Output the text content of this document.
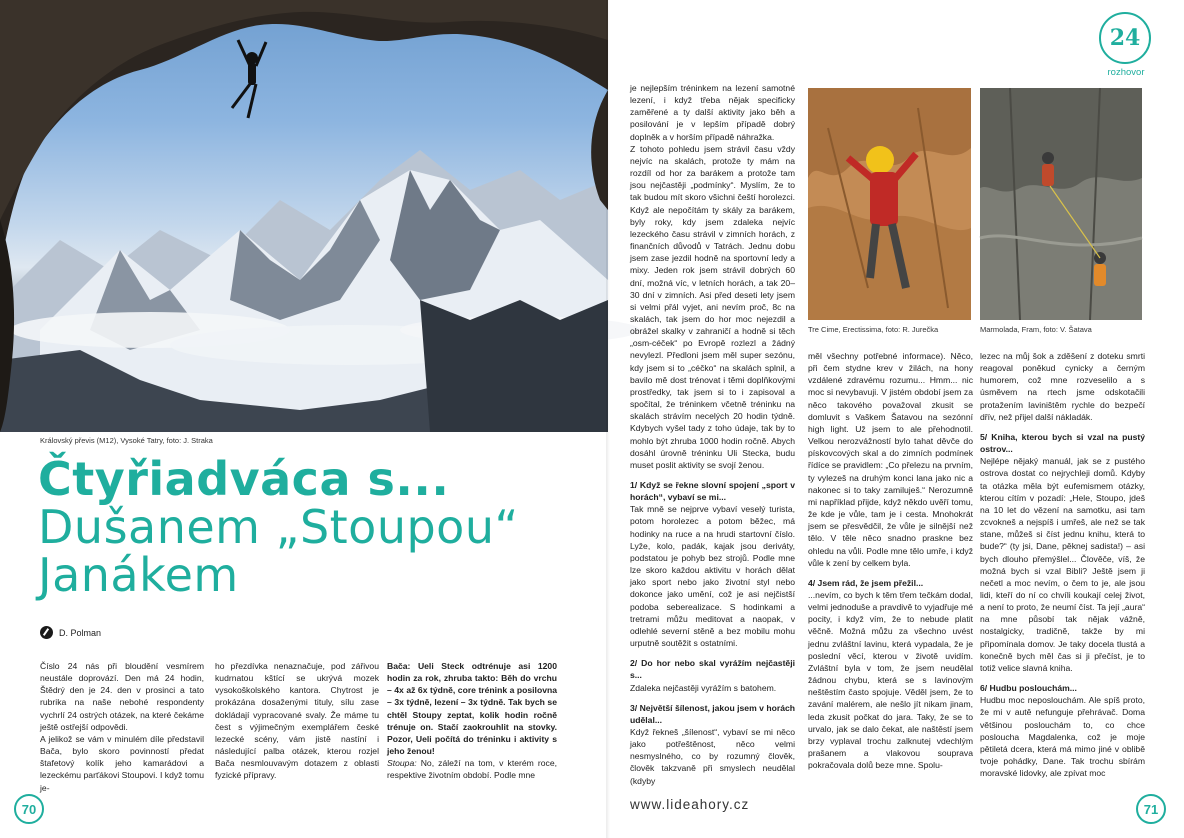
Královský převis (M12), Vysoké Tatry, foto: J. Straka
Čtyřiadváca s...
Dušanem „Stoupou“
Janákem
D. Polman

Číslo 24 nás při bloudění vesmírem neustále doprovází. Den má 24 hodin, Štědrý den je 24. den v prosinci a tato rubrika na naše nebohé respondenty vychrlí 24 ostrých otázek, na které čekáme ještě ostřejší odpovědi.

A jelikož se vám v minulém díle představil Bača, bylo skoro povinností předat štafetový kolík jeho kamarádovi a lezeckému parťákovi Stoupovi. I když tomu je-

ho přezdívka nenaznačuje, pod zářivou kudrnatou kštící se ukrývá mozek vysokoškolského kantora. Chytrost je prokázána dosaženými tituly, sílu zase dokládají vypracované svaly. Že máme tu čest s výjimečným exemplářem české lezecké scény, vám jistě nastíní i následující palba otázek, kterou rozjel Bača nesmlouvavým dotazem z oblasti fyzické přípravy.

Bača: Ueli Steck odtrénuje asi 1200 hodin za rok, zhruba takto: Běh do vrchu – 4x až 6x týdně, core trénink a posilovna – 3x týdně, lezení – 3x týdně. Tak bych se chtěl Stoupy zeptat, kolik hodin ročně trénuje on. Stačí zaokrouhlit na stovky. Pozor, Ueli počítá do tréninku i aktivity s jeho ženou!

Stoupa: No, záleží na tom, v kterém roce, respektive životním období. Podle mne

70

je nejlepším tréninkem na lezení samotné lezení, i když třeba nějak specificky zaměřené a ty další aktivity jako běh a posilování je v lepším případě dobrý doplněk a v horším případě náhražka.

Z tohoto pohledu jsem strávil času vždy nejvíc na skalách, protože ty mám na rozdíl od hor za barákem a protože tam jsou nejčastěji „podmínky“. Myslím, že to tak budou mít skoro všichni čeští horolezci. Když ale nepočítám ty skály za barákem, byly roky, kdy jsem zdaleka nejvíc lezeckého času strávil v zimních horách, z finančních důvodů v Tatrách. Jednu dobu jsem zase jezdil hodně na sportovní ledy a mixy. Jeden rok jsem strávil dobrých 60 dní, možná víc, v letních horách, a tak 20–30 dní v zimních. Asi před deseti lety jsem si velmi přál vyjet, ani nevím proč, 8c na skalách, tak jsem do hor moc nejezdil a obrážel skalky v zahraničí a hodně si těch „osm-céček“ po Evropě rozlezl a žádný nevylezl. Předloni jsem měl super sezónu, kdy jsem si to „céčko“ na skalách splnil, a bavilo mě dost trénovat i těmi doplňkovými prostředky, tak jsem si to i zapisoval a spočítal, že tréninkem včetně tréninku na skalách strávím necelých 20 hodin týdně. Kdybych vyšel tady z toho údaje, tak by to mohlo být zhruba 1000 hodin ročně. Abych dosáhl úrovně tréninku Uli Stecka, budu muset poslit aktivity se svojí ženou.

1/ Když se řekne slovní spojení „sport v horách“, vybaví se mi...

Tak mně se nejprve vybaví veselý turista, potom horolezec a potom běžec, má hodinky na ruce a na hrudi startovní číslo. Lyže, kolo, padák, kajak jsou deriváty, podstatou je pohyb bez strojů. Podle mne lze skoro každou aktivitu v horách dělat jako sport nebo jako životní styl nebo dokonce jako umění, což je asi nejčistší podoba seberealizace. S hodinkami a tretrami můžu meditovat a naopak, v odlehlé severní stěně a bez mobilu mohu urputně soutěžit s ostatními.

2/ Do hor nebo skal vyrážím nejčastěji s...

Zdaleka nejčastěji vyrážím s batohem.

3/ Největší šílenost, jakou jsem v horách udělal...

Když řekneš „šílenost“, vybaví se mi něco jako potřeštěnost, něco velmi nesmyslného, co by rozumný člověk, člověk takzvaně při smyslech neudělal (kdyby

Tre Cime, Erectissima, foto: R. Jurečka	Marmolada, Fram, foto: V. Šatava
24
rozhovor

měl všechny potřebné informace). Něco, při čem stydne krev v žilách, na hony vzdálené zdravému rozumu... Hmm... nic moc si nevybavuji. V jistém období jsem za něco takového považoval zkusit se domluvit s Vaškem Šatavou na sezónní high light. Už jsem to ale přehodnotil. Velkou nerozvážností bylo tahat děvče do pískovcových skal a do zimních podmínek řídíce se pravidlem: „Co přelezu na prvním, ty vylezeš na druhým konci lana jako nic a nakonec si to taky zamiluješ.“ Nerozumně mi například přijde, když někdo uvěří tomu, že kde je vůle, tam je i cesta. Mnohokrát jsem se přesvědčil, že vůle je silnější než tělo. V těle něco snadno praskne bez ohledu na vůli. Podle mne tělo umře, i když vůle k zení by celkem byla.

4/ Jsem rád, že jsem přežil...

...nevím, co bych k těm třem tečkám dodal, velmi jednoduše a pravdivě to vyjadřuje mé pocity, i když vím, že to nebude platit věčně. Možná můžu za všechno uvést jednu zvláštní lavinu, která vypadala, že je poslední věcí, kterou v životě uvidím. Zvláštní byla v tom, že jsem neudělal žádnou chybu, která se s lavinovým neštěstím často spojuje. Věděl jsem, že to zavání malérem, ale nešlo jít nikam jinam, leda zkusit počkat do jara. Taky, že se to urvalo, jak se dalo čekat, ale naštěstí jsem brzy vyplaval trochu zalknutej vdechlým prašanem a vlakovou souprava pokračovala dolů beze mne. Spolu-

lezec na můj šok a zděšení z doteku smrti reagoval poněkud cynicky a černým humorem, což mne rozveselilo a s úsměvem na rtech jsme odskotačili protažením laviništěm rychle do bezpečí dřív, než přijel další nákladák.

5/ Kniha, kterou bych si vzal na pustý ostrov...

Nejlépe nějaký manuál, jak se z pustého ostrova dostat co nejrychleji domů. Kdyby ta otázka měla být eufemismem otázky, kterou cítím v pozadí: „Hele, Stoupo, jdeš na 10 let do vězení na samotku, asi tam zcvokneš a nejspíš i umřeš, ale než se tak stane, můžeš si číst jednu knihu, která to bude?“ (ty jsi, Dane, pěknej sadista!) – asi bych dlouho přemýšlel... Člověče, víš, že možná bych si vzal Bibli? Ještě jsem ji nečetl a moc nevím, o čem to je, ale jsou lidi, kteří do ní co chvíli koukají celej život, a není to proto, že neumí číst. Ta její „aura“ na mne působí tak nějak vážně, nostalgicky, tradičně, takže by mi připomínala domov. Je taky docela tlustá a konečně bych měl čas si ji přečíst, je to totiž velice slavná kniha.

6/ Hudbu poslouchám...

Hudbu moc neposlouchám. Ale spíš proto, že mi v autě nefunguje přehrávač. Doma většinou poslouchám to, co chce posloucha Magdalenka, což je moje pětiletá dcera, která má mimo jiné v oblibě tvoje pohádky, Dane. Tak trochu sbírám moravské lidovky, ale zpívat moc

www.lideahory.cz	71
